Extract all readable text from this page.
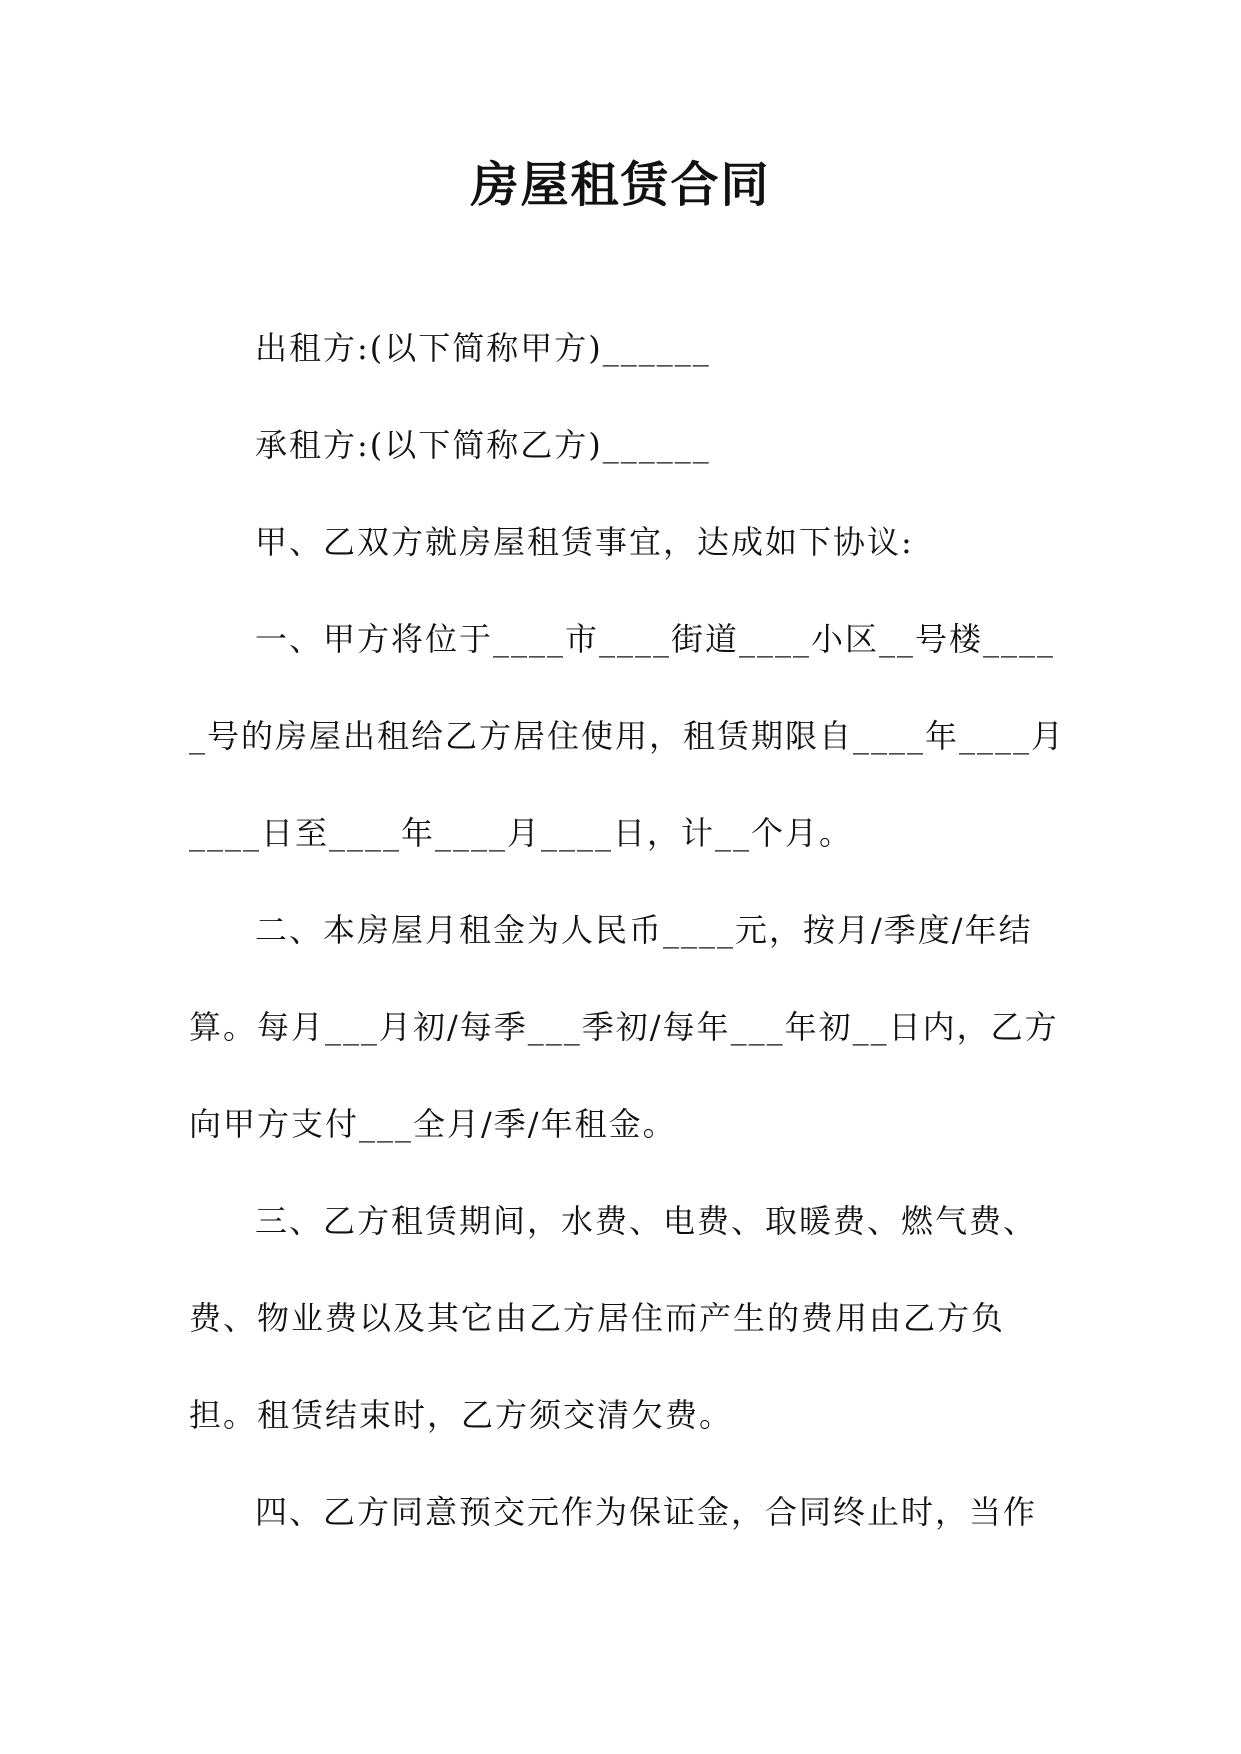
房屋租赁合同

出租方:(以下简称甲方)______

承租方:(以下简称乙方)______

甲、乙双方就房屋租赁事宜，达成如下协议:

一、甲方将位于____市____街道____小区__号楼_____号的房屋出租给乙方居住使用，租赁期限自____年____月____日至____年____月____日，计__个月。

二、本房屋月租金为人民币____元，按月/季度/年结算。每月___月初/每季___季初/每年___年初__日内，乙方向甲方支付___全月/季/年租金。

三、乙方租赁期间，水费、电费、取暖费、燃气费、费、物业费以及其它由乙方居住而产生的费用由乙方负担。租赁结束时，乙方须交清欠费。

四、乙方同意预交元作为保证金，合同终止时，当作
